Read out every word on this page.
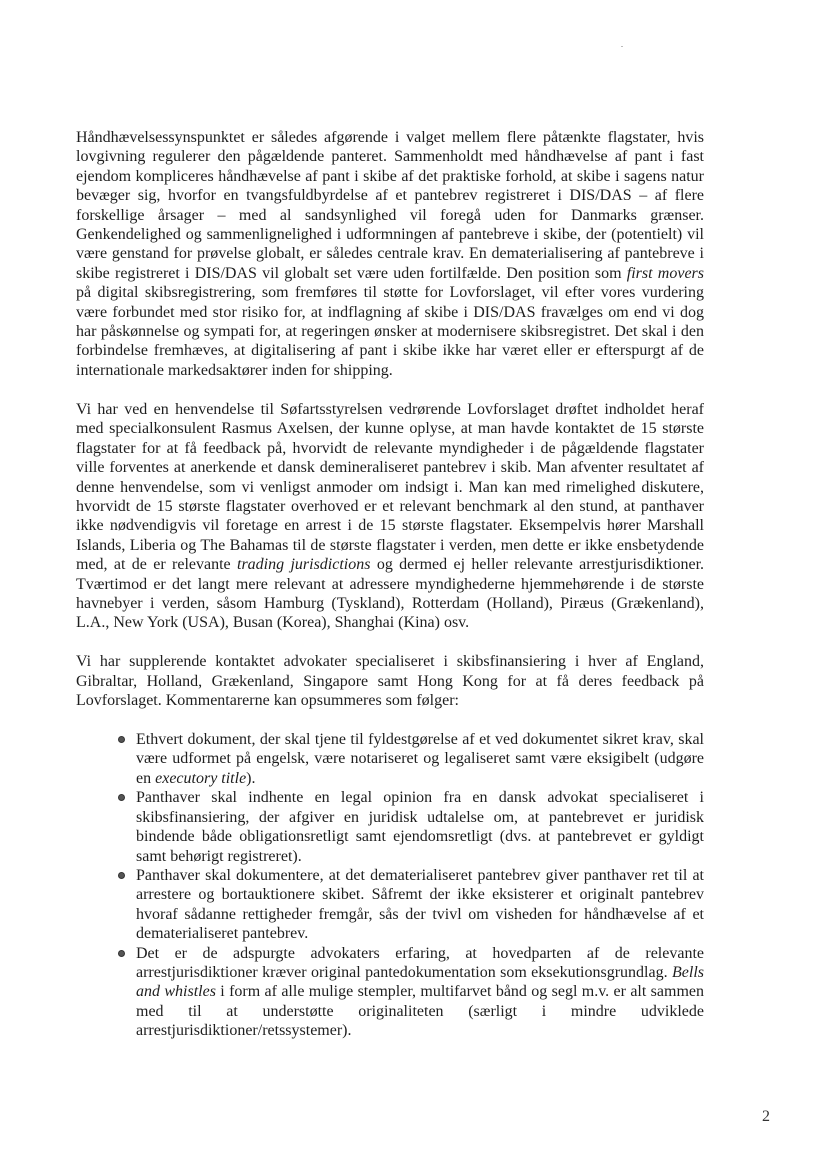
Håndhævelsessynspunktet er således afgørende i valget mellem flere påtænkte flagstater, hvis lovgivning regulerer den pågældende panteret. Sammenholdt med håndhævelse af pant i fast ejendom kompliceres håndhævelse af pant i skibe af det praktiske forhold, at skibe i sagens natur bevæger sig, hvorfor en tvangsfuldbyrdelse af et pantebrev registreret i DIS/DAS – af flere forskellige årsager – med al sandsynlighed vil foregå uden for Danmarks grænser. Genkendelighed og sammenlignelighed i udformningen af pantebreve i skibe, der (potentielt) vil være genstand for prøvelse globalt, er således centrale krav. En dematerialisering af pantebreve i skibe registreret i DIS/DAS vil globalt set være uden fortilfælde. Den position som first movers på digital skibsregistrering, som fremføres til støtte for Lovforslaget, vil efter vores vurdering være forbundet med stor risiko for, at indflagning af skibe i DIS/DAS fravælges om end vi dog har påskønnelse og sympati for, at regeringen ønsker at modernisere skibsregistret. Det skal i den forbindelse fremhæves, at digitalisering af pant i skibe ikke har været eller er efterspurgt af de internationale markedsaktører inden for shipping.

Vi har ved en henvendelse til Søfartsstyrelsen vedrørende Lovforslaget drøftet indholdet heraf med specialkonsulent Rasmus Axelsen, der kunne oplyse, at man havde kontaktet de 15 største flagstater for at få feedback på, hvorvidt de relevante myndigheder i de pågældende flagstater ville forventes at anerkende et dansk demineraliseret pantebrev i skib. Man afventer resultatet af denne henvendelse, som vi venligst anmoder om indsigt i. Man kan med rimelighed diskutere, hvorvidt de 15 største flagstater overhoved er et relevant benchmark al den stund, at panthaver ikke nødvendigvis vil foretage en arrest i de 15 største flagstater. Eksempelvis hører Marshall Islands, Liberia og The Bahamas til de største flagstater i verden, men dette er ikke ensbetydende med, at de er relevante trading jurisdictions og dermed ej heller relevante arrestjurisdiktioner. Tværtimod er det langt mere relevant at adressere myndighederne hjemmehørende i de største havnebyer i verden, såsom Hamburg (Tyskland), Rotterdam (Holland), Piræus (Grækenland), L.A., New York (USA), Busan (Korea), Shanghai (Kina) osv.

Vi har supplerende kontaktet advokater specialiseret i skibsfinansiering i hver af England, Gibraltar, Holland, Grækenland, Singapore samt Hong Kong for at få deres feedback på Lovforslaget. Kommentarerne kan opsummeres som følger:

Ethvert dokument, der skal tjene til fyldestgørelse af et ved dokumentet sikret krav, skal være udformet på engelsk, være notariseret og legaliseret samt være eksigibelt (udgøre en executory title).
Panthaver skal indhente en legal opinion fra en dansk advokat specialiseret i skibsfinansiering, der afgiver en juridisk udtalelse om, at pantebrevet er juridisk bindende både obligationsretligt samt ejendomsretligt (dvs. at pantebrevet er gyldigt samt behørigt registreret).
Panthaver skal dokumentere, at det dematerialiseret pantebrev giver panthaver ret til at arrestere og bortauktionere skibet. Såfremt der ikke eksisterer et originalt pantebrev hvoraf sådanne rettigheder fremgår, sås der tvivl om visheden for håndhævelse af et dematerialiseret pantebrev.
Det er de adspurgte advokaters erfaring, at hovedparten af de relevante arrestjurisdiktioner kræver original pantedokumentation som eksekutionsgrundlag. Bells and whistles i form af alle mulige stempler, multifarvet bånd og segl m.v. er alt sammen med til at understøtte originaliteten (særligt i mindre udviklede arrestjurisdiktioner/retssystemer).
2
